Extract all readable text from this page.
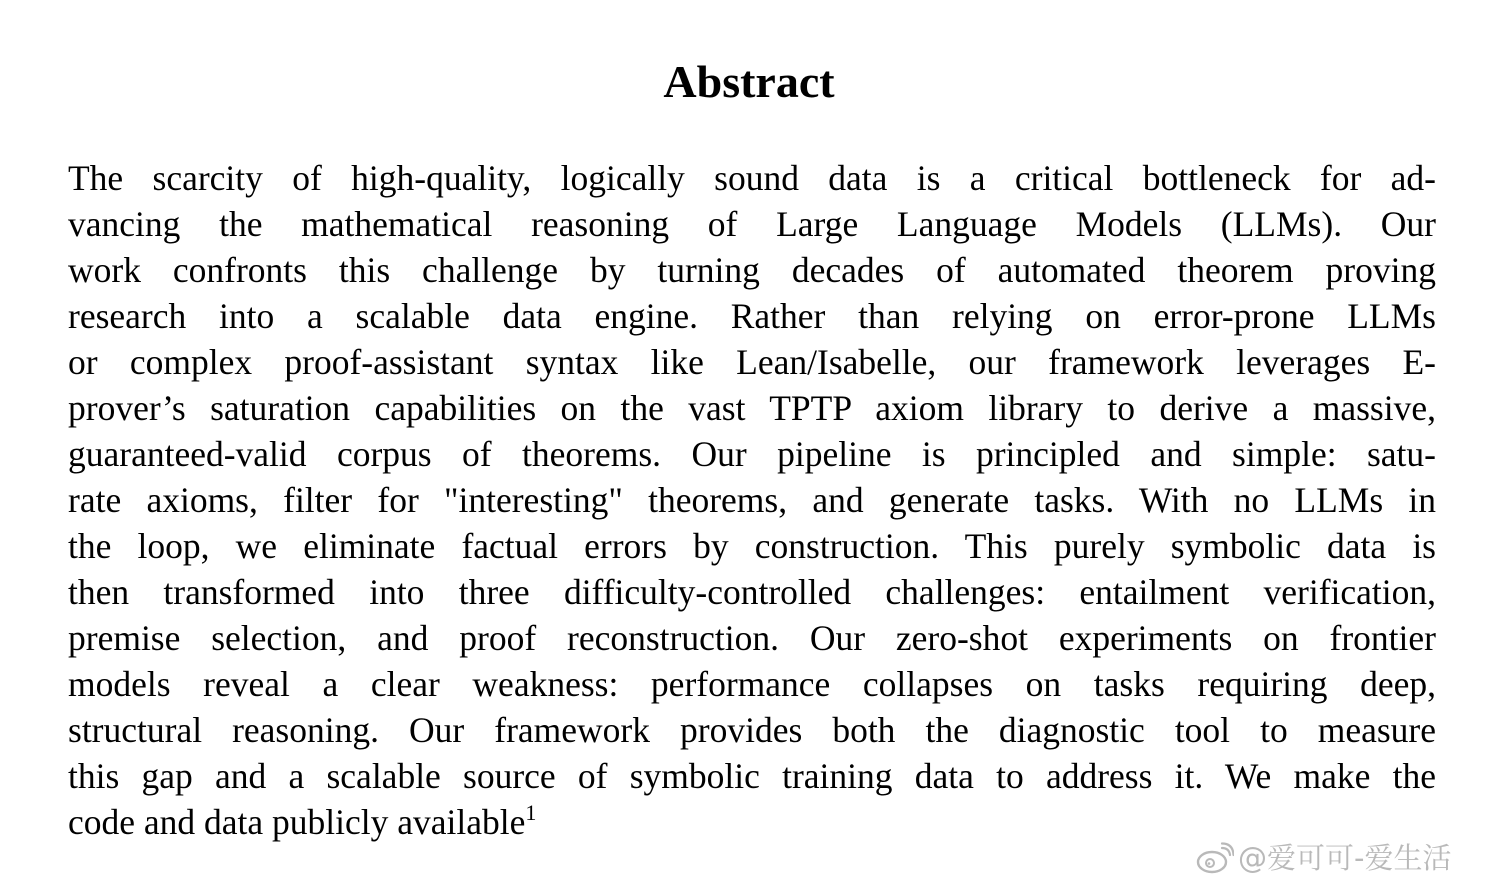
Abstract
The scarcity of high-quality, logically sound data is a critical bottleneck for ad-
vancing the mathematical reasoning of Large Language Models (LLMs). Our
work confronts this challenge by turning decades of automated theorem proving
research into a scalable data engine. Rather than relying on error-prone LLMs
or complex proof-assistant syntax like Lean/Isabelle, our framework leverages E-
prover’s saturation capabilities on the vast TPTP axiom library to derive a massive,
guaranteed-valid corpus of theorems. Our pipeline is principled and simple: satu-
rate axioms, filter for "interesting" theorems, and generate tasks. With no LLMs in
the loop, we eliminate factual errors by construction. This purely symbolic data is
then transformed into three difficulty-controlled challenges: entailment verification,
premise selection, and proof reconstruction. Our zero-shot experiments on frontier
models reveal a clear weakness: performance collapses on tasks requiring deep,
structural reasoning. Our framework provides both the diagnostic tool to measure
this gap and a scalable source of symbolic training data to address it. We make the
code and data publicly available$^1$
@爱可可-爱生活
